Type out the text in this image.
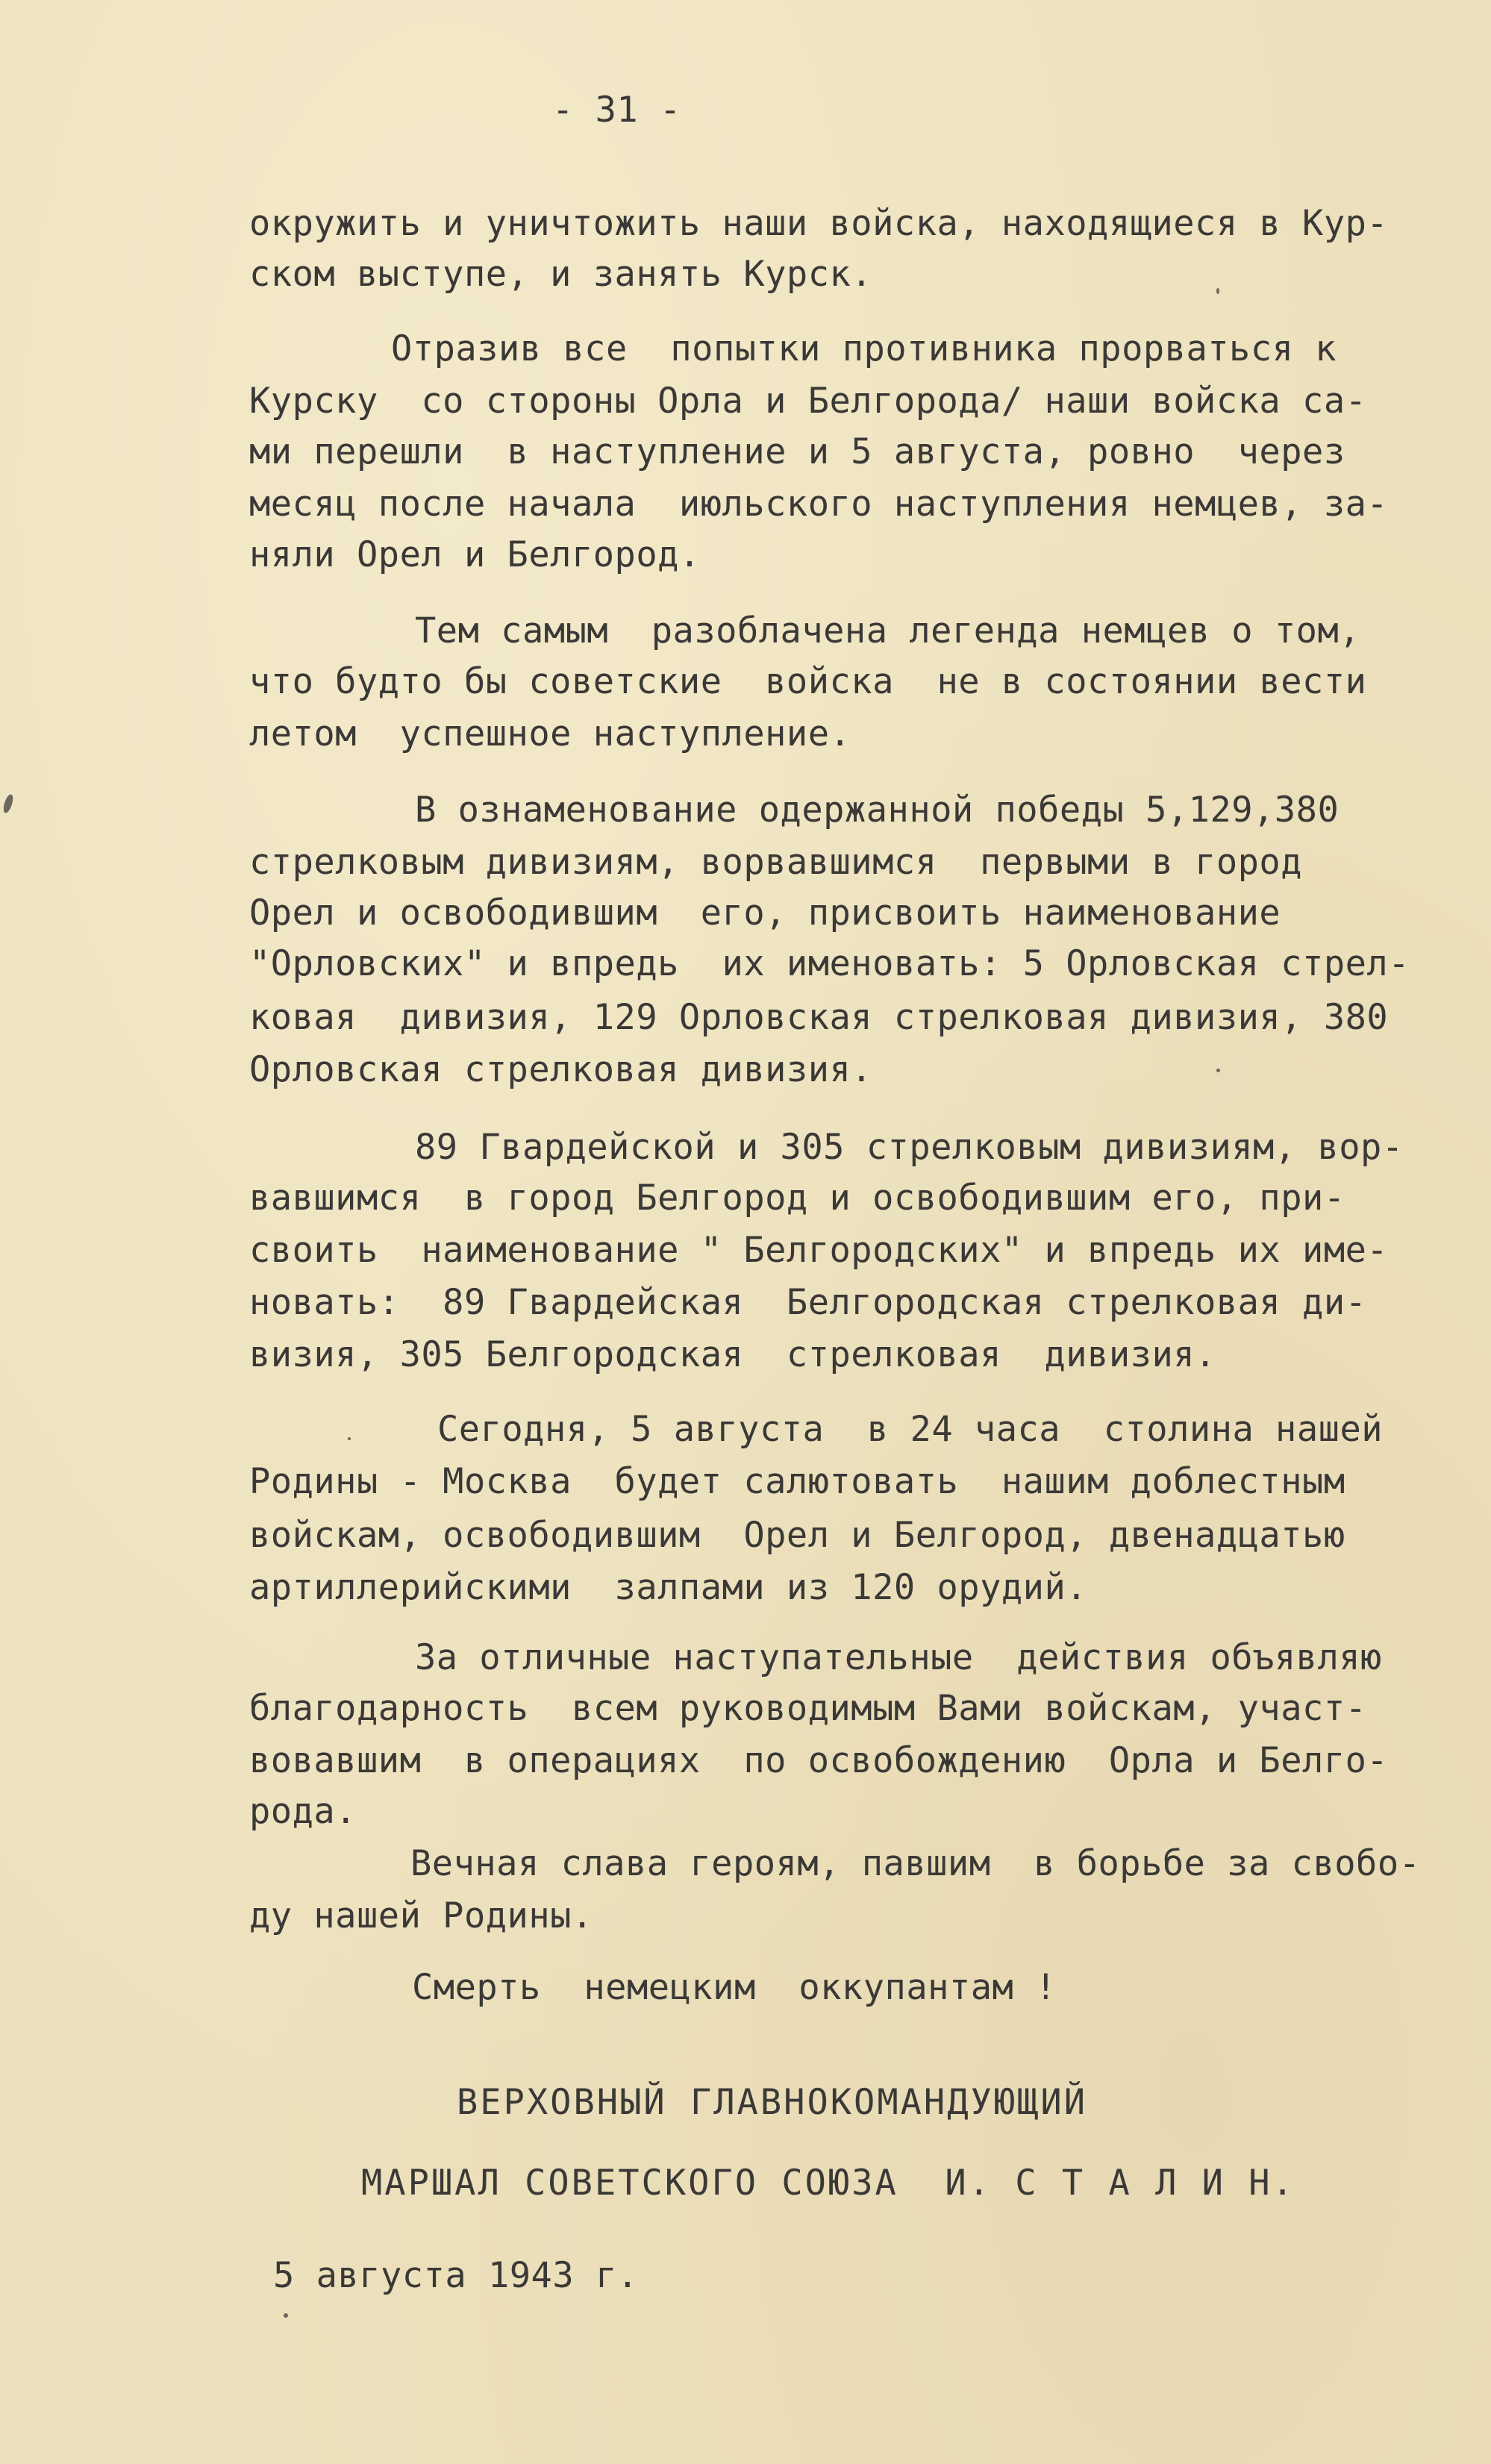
- 31 -
окружить и уничтожить наши войска, находящиеся в Кур-
ском выступе, и занять Курск.
Отразив все  попытки противника прорваться к
Курску  со стороны Орла и Белгорода/ наши войска са-
ми перешли  в наступление и 5 августа, ровно  через
месяц после начала  июльского наступления немцев, за-
няли Орел и Белгород.
Тем самым  разоблачена легенда немцев о том,
что будто бы советские  войска  не в состоянии вести
летом  успешное наступление.
В ознаменование одержанной победы 5,129,380
стрелковым дивизиям, ворвавшимся  первыми в город
Орел и освободившим  его, присвоить наименование
"Орловских" и впредь  их именовать: 5 Орловская стрел-
ковая  дивизия, 129 Орловская стрелковая дивизия, 380
Орловская стрелковая дивизия.
89 Гвардейской и 305 стрелковым дивизиям, вор-
вавшимся  в город Белгород и освободившим его, при-
своить  наименование " Белгородских" и впредь их име-
новать:  89 Гвардейская  Белгородская стрелковая ди-
визия, 305 Белгородская  стрелковая  дивизия.
Сегодня, 5 августа  в 24 часа  столина нашей
Родины - Москва  будет салютовать  нашим доблестным
войскам, освободившим  Орел и Белгород, двенадцатью
артиллерийскими  залпами из 120 орудий.
За отличные наступательные  действия объявляю
благодарность  всем руководимым Вами войскам, участ-
вовавшим  в операциях  по освобождению  Орла и Белго-
рода.
Вечная слава героям, павшим  в борьбе за свобо-
ду нашей Родины.
Смерть  немецким  оккупантам !
ВЕРХОВНЫЙ ГЛАВНОКОМАНДУЮЩИЙ
МАРШАЛ СОВЕТСКОГО СОЮЗА  И. С Т А Л И Н.
5 августа 1943 г.
